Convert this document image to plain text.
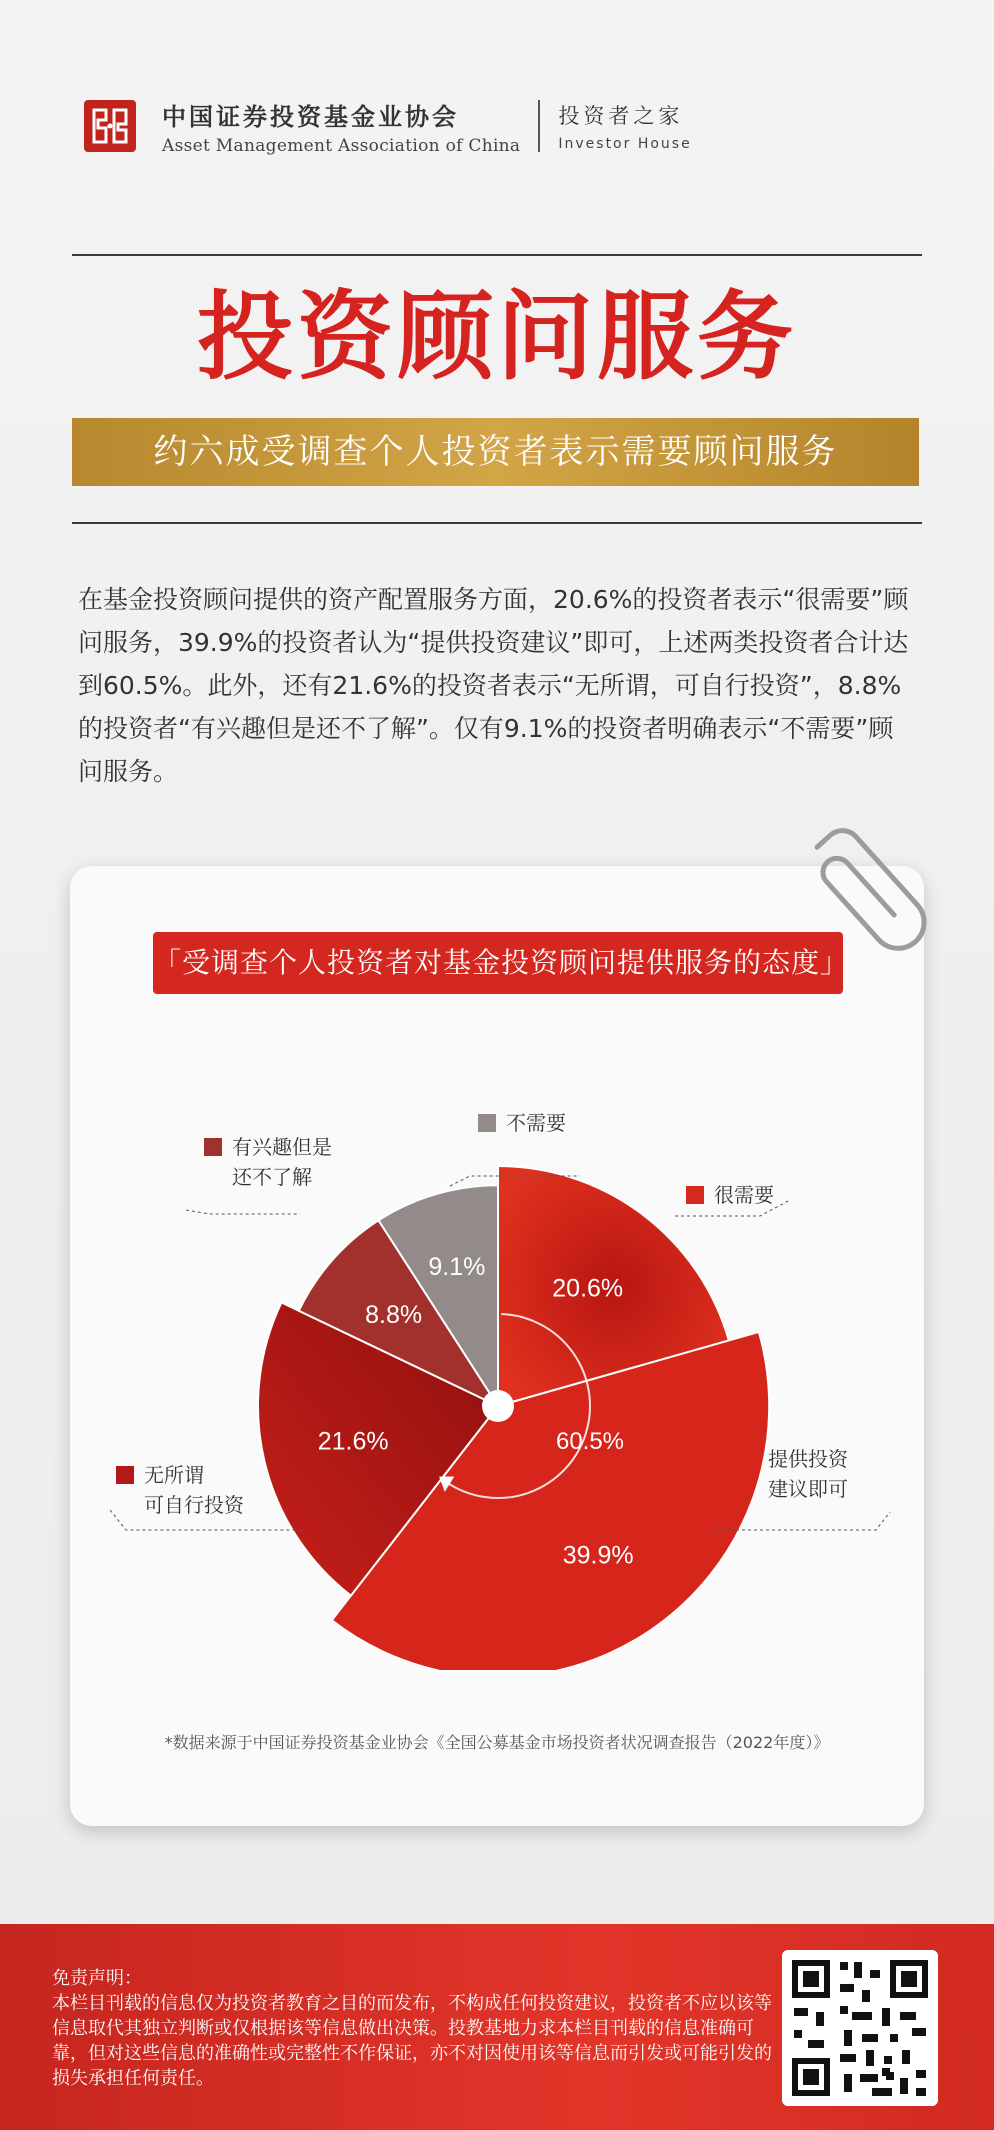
中国证券投资基金业协会
Asset Management Association of China
投资者之家
Investor House
投资顾问服务
约六成受调查个人投资者表示需要顾问服务
在基金投资顾问提供的资产配置服务方面，20.6%的投资者表示“很需要”顾问服务，39.9%的投资者认为“提供投资建议”即可，上述两类投资者合计达到60.5%。此外，还有21.6%的投资者表示“无所谓，可自行投资”，8.8%的投资者“有兴趣但是还不了解”。仅有9.1%的投资者明确表示“不需要”顾问服务。
「受调查个人投资者对基金投资顾问提供服务的态度」
20.6%
39.9%
21.6%
8.8%
9.1%
60.5%
不需要
有兴趣但是
还不了解
很需要
提供投资
建议即可
无所谓
可自行投资
*数据来源于中国证券投资基金业协会《全国公募基金市场投资者状况调查报告（2022年度）》
免责声明：
本栏目刊载的信息仅为投资者教育之目的而发布，不构成任何投资建议，投资者不应以该等信息取代其独立判断或仅根据该等信息做出决策。投教基地力求本栏目刊载的信息准确可靠，但对这些信息的准确性或完整性不作保证，亦不对因使用该等信息而引发或可能引发的损失承担任何责任。
